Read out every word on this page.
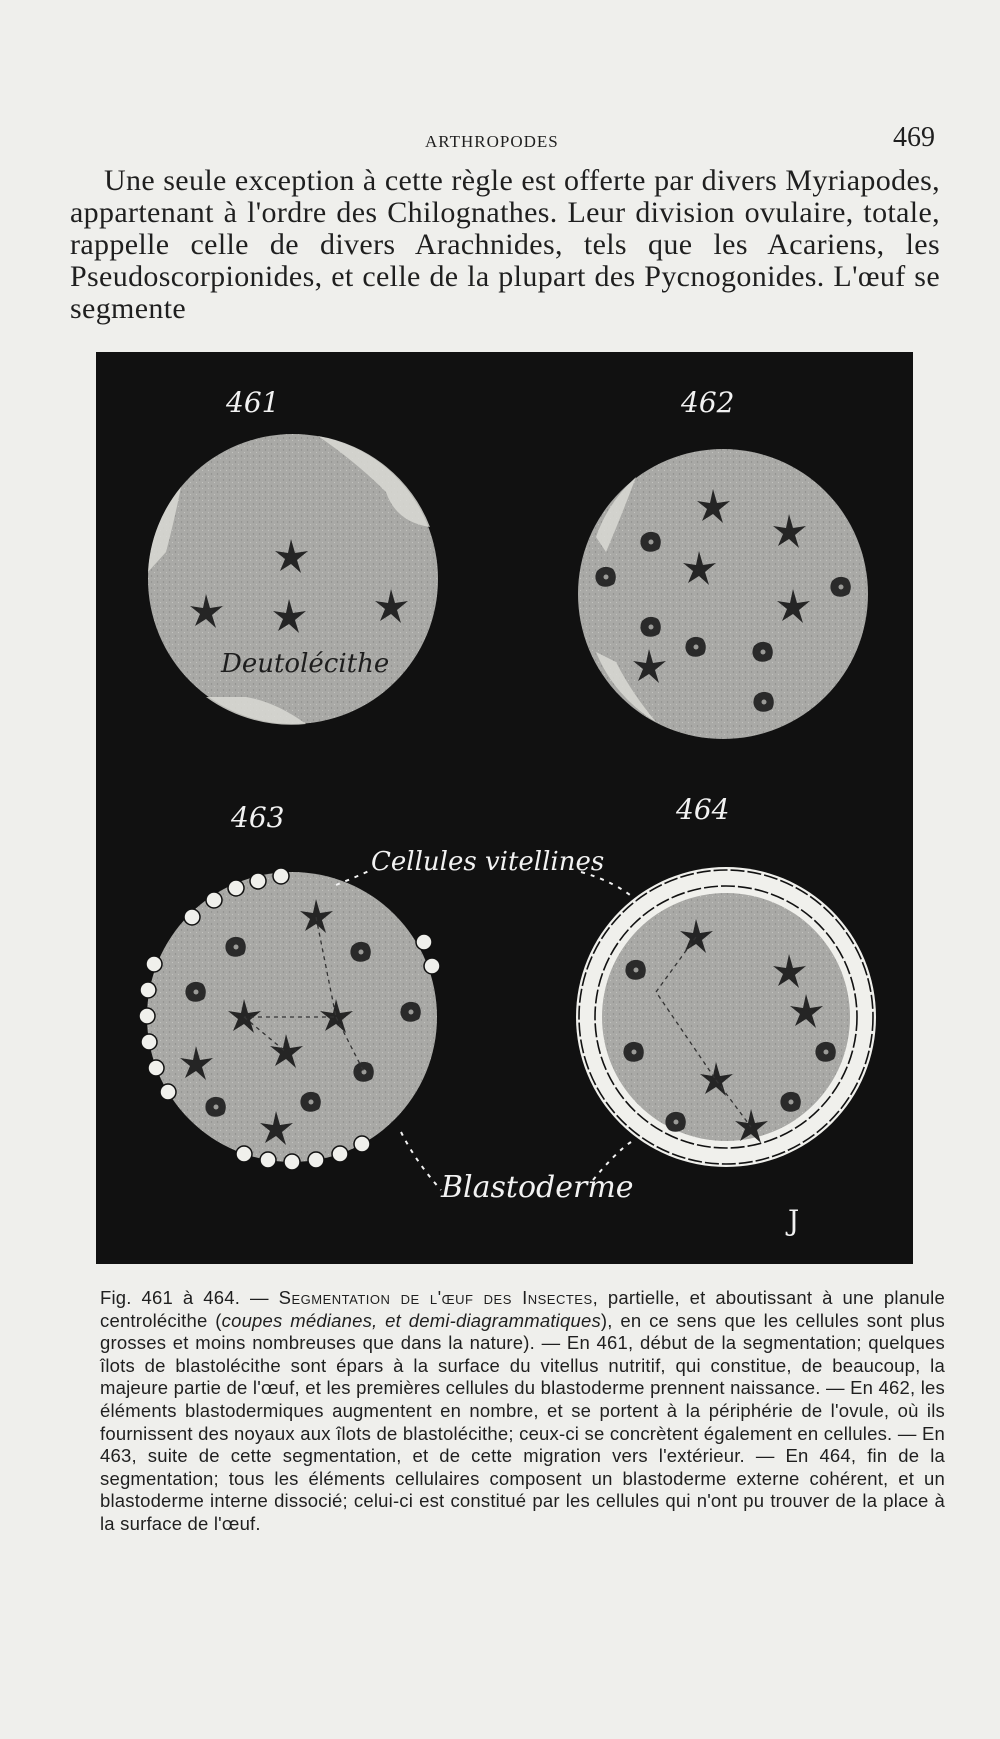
ARTHROPODES	469
Une seule exception à cette règle est offerte par divers Myriapodes, appartenant à l'ordre des Chilognathes. Leur division ovulaire, totale, rappelle celle de divers Arachnides, tels que les Acariens, les Pseudoscorpionides, et celle de la plupart des Pycnogonides. L'œuf se segmente
461
Deutolécithe
462
463	464
Cellules vitellines
Blastoderme
J
Fig. 461 à 464. — Segmentation de l'œuf des Insectes, partielle, et aboutissant à une planule centrolécithe (coupes médianes, et demi-diagrammatiques), en ce sens que les cellules sont plus grosses et moins nombreuses que dans la nature). — En 461, début de la segmentation; quelques îlots de blastolécithe sont épars à la surface du vitellus nutritif, qui constitue, de beaucoup, la majeure partie de l'œuf, et les premières cellules du blastoderme prennent naissance. — En 462, les éléments blastodermiques augmentent en nombre, et se portent à la périphérie de l'ovule, où ils fournissent des noyaux aux îlots de blastolécithe; ceux-ci se concrètent également en cellules. — En 463, suite de cette segmentation, et de cette migration vers l'extérieur. — En 464, fin de la segmentation; tous les éléments cellulaires composent un blastoderme externe cohérent, et un blastoderme interne dissocié; celui-ci est constitué par les cellules qui n'ont pu trouver de la place à la surface de l'œuf.
